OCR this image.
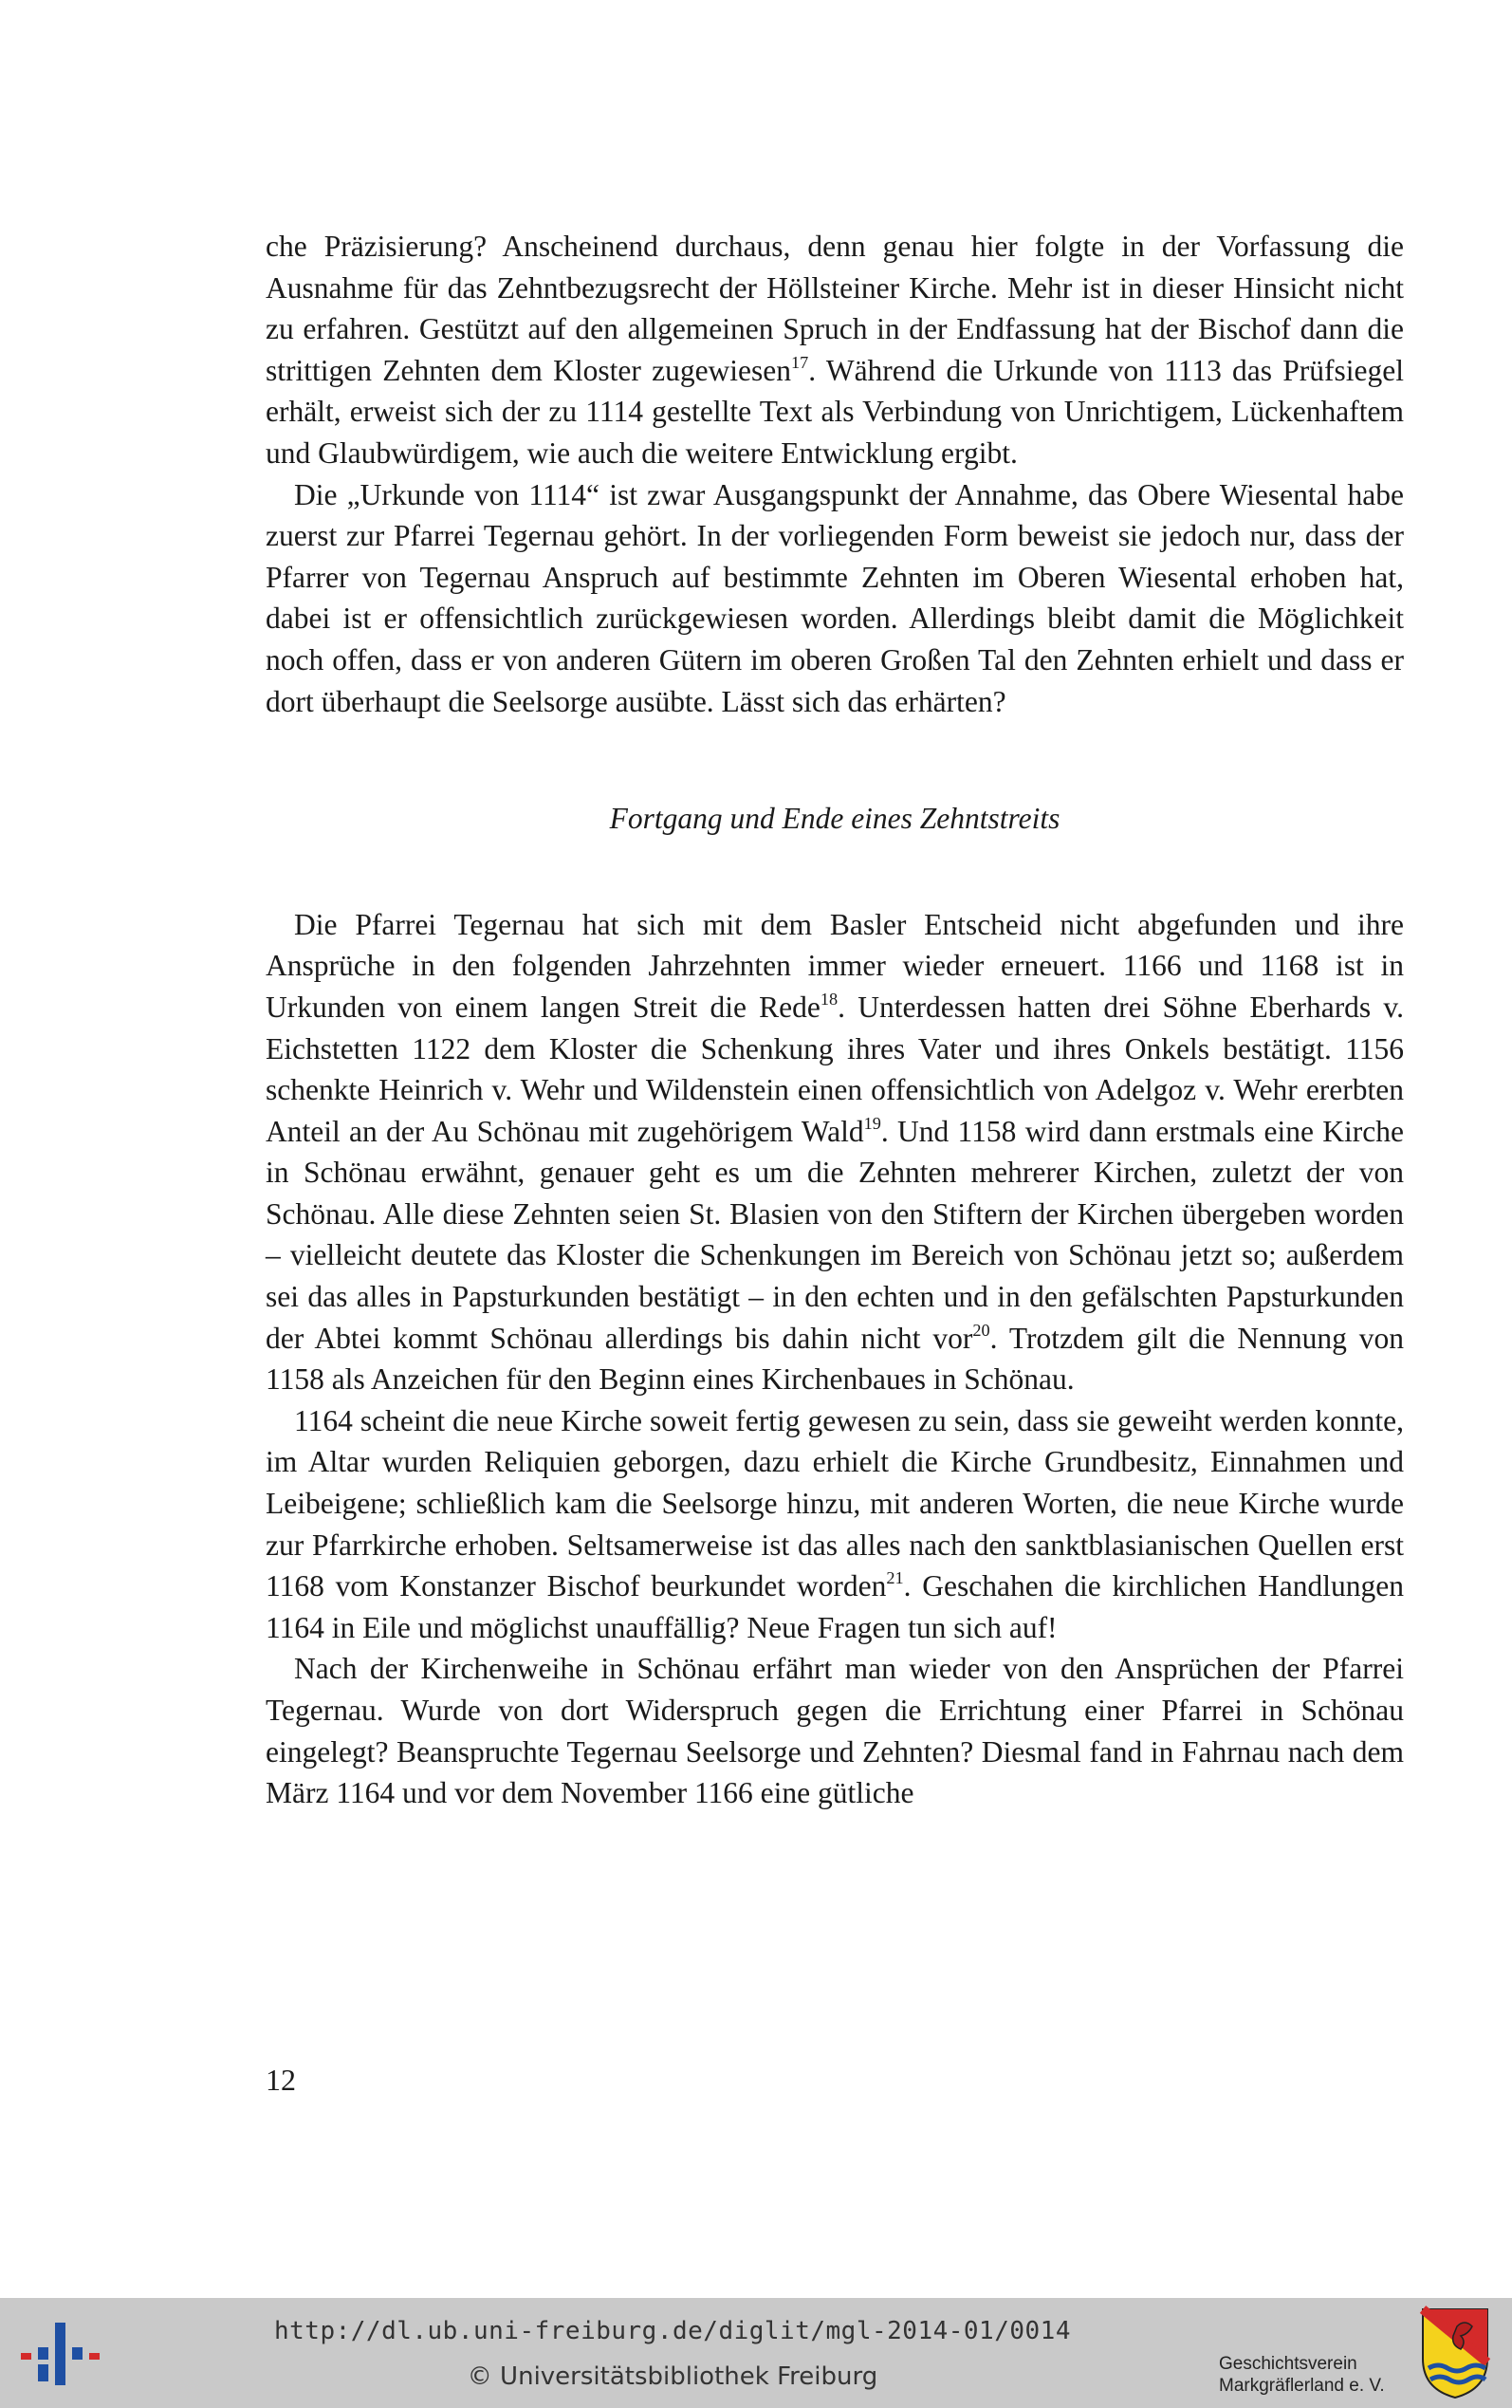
che Präzisierung? Anscheinend durchaus, denn genau hier folgte in der Vorfassung die Ausnahme für das Zehntbezugsrecht der Höllsteiner Kirche. Mehr ist in dieser Hinsicht nicht zu erfahren. Gestützt auf den allgemeinen Spruch in der Endfassung hat der Bischof dann die strittigen Zehnten dem Kloster zugewiesen$^{17}$. Während die Urkunde von 1113 das Prüfsiegel erhält, erweist sich der zu 1114 gestellte Text als Verbindung von Unrichtigem, Lückenhaftem und Glaubwürdigem, wie auch die weitere Entwicklung ergibt.

Die „Urkunde von 1114“ ist zwar Ausgangspunkt der Annahme, das Obere Wiesental habe zuerst zur Pfarrei Tegernau gehört. In der vorliegenden Form beweist sie jedoch nur, dass der Pfarrer von Tegernau Anspruch auf bestimmte Zehnten im Oberen Wiesental erhoben hat, dabei ist er offensichtlich zurückgewiesen worden. Allerdings bleibt damit die Möglichkeit noch offen, dass er von anderen Gütern im oberen Großen Tal den Zehnten erhielt und dass er dort überhaupt die Seelsorge ausübte. Lässt sich das erhärten?

Fortgang und Ende eines Zehntstreits

Die Pfarrei Tegernau hat sich mit dem Basler Entscheid nicht abgefunden und ihre Ansprüche in den folgenden Jahrzehnten immer wieder erneuert. 1166 und 1168 ist in Urkunden von einem langen Streit die Rede$^{18}$. Unterdessen hatten drei Söhne Eberhards v. Eichstetten 1122 dem Kloster die Schenkung ihres Vater und ihres Onkels bestätigt. 1156 schenkte Heinrich v. Wehr und Wildenstein einen offensichtlich von Adelgoz v. Wehr ererbten Anteil an der Au Schönau mit zugehörigem Wald$^{19}$. Und 1158 wird dann erstmals eine Kirche in Schönau erwähnt, genauer geht es um die Zehnten mehrerer Kirchen, zuletzt der von Schönau. Alle diese Zehnten seien St. Blasien von den Stiftern der Kirchen übergeben worden – vielleicht deutete das Kloster die Schenkungen im Bereich von Schönau jetzt so; außerdem sei das alles in Papsturkunden bestätigt – in den echten und in den gefälschten Papsturkunden der Abtei kommt Schönau allerdings bis dahin nicht vor$^{20}$. Trotzdem gilt die Nennung von 1158 als Anzeichen für den Beginn eines Kirchenbaues in Schönau.

1164 scheint die neue Kirche soweit fertig gewesen zu sein, dass sie geweiht werden konnte, im Altar wurden Reliquien geborgen, dazu erhielt die Kirche Grundbesitz, Einnahmen und Leibeigene; schließlich kam die Seelsorge hinzu, mit anderen Worten, die neue Kirche wurde zur Pfarrkirche erhoben. Seltsamerweise ist das alles nach den sanktblasianischen Quellen erst 1168 vom Konstanzer Bischof beurkundet worden$^{21}$. Geschahen die kirchlichen Handlungen 1164 in Eile und möglichst unauffällig? Neue Fragen tun sich auf!

Nach der Kirchenweihe in Schönau erfährt man wieder von den Ansprüchen der Pfarrei Tegernau. Wurde von dort Widerspruch gegen die Errichtung einer Pfarrei in Schönau eingelegt? Beanspruchte Tegernau Seelsorge und Zehnten? Diesmal fand in Fahrnau nach dem März 1164 und vor dem November 1166 eine gütliche

12
http://dl.ub.uni-freiburg.de/diglit/mgl-2014-01/0014
© Universitätsbibliothek Freiburg	Geschichtsverein
Markgräflerland e. V.
